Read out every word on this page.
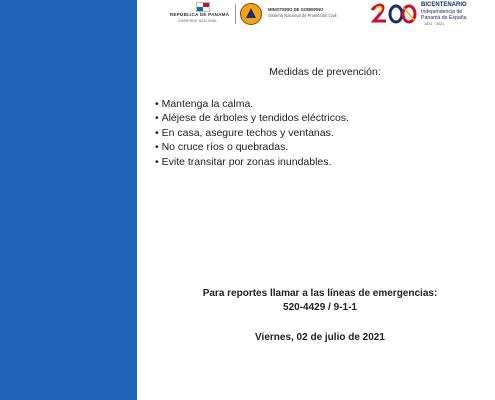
REPÚBLICA DE PANAMÁ
GOBIERNO NACIONAL
MINISTERIO DE GOBIERNO
Sistema Nacional de Protección Civil
BICENTENARIO
Independencia de
Panamá de España
1821 · 2021
Medidas de prevención:
• Mantenga la calma.
• Aléjese de árboles y tendidos eléctricos.
• En casa, asegure techos y ventanas.
• No cruce ríos o quebradas.
• Evite transitar por zonas inundables.
Para reportes llamar a las líneas de emergencias:
520-4429 / 9-1-1
Viernes, 02 de julio de 2021
